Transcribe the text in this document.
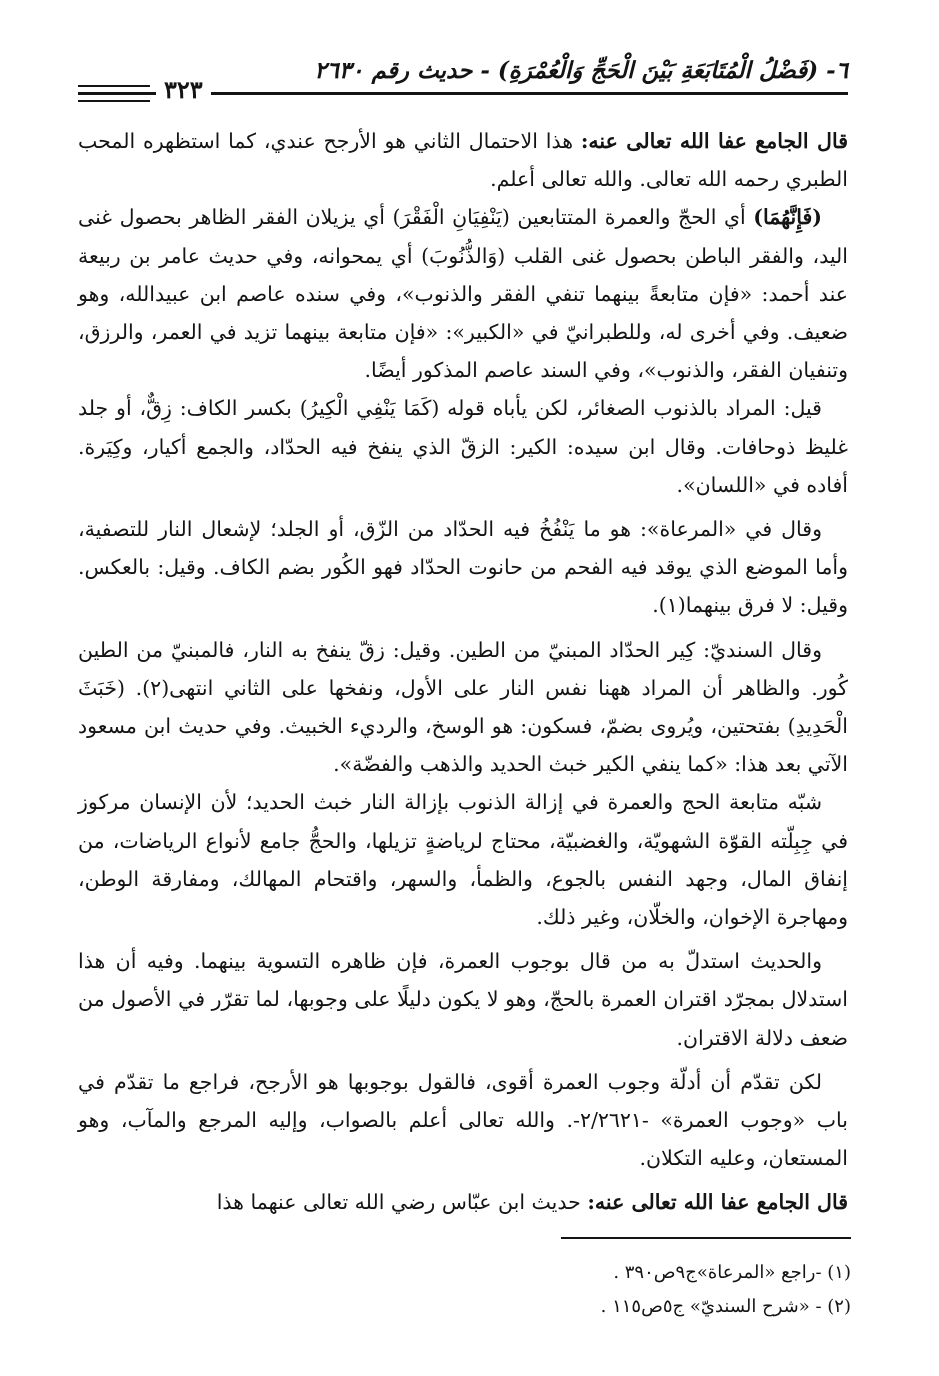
٦- (فَضْلُ الْمُتَابَعَةِ بَيْنَ الْحَجِّ وَالْعُمْرَةِ) - حديث رقم ٢٦٣٠
٣٢٣

قال الجامع عفا الله تعالى عنه: هذا الاحتمال الثاني هو الأرجح عندي، كما استظهره المحب الطبري رحمه الله تعالى. والله تعالى أعلم.

(فَإِنَّهُمَا) أي الحجّ والعمرة المتتابعين (يَنْفِيَانِ الْفَقْرَ) أي يزيلان الفقر الظاهر بحصول غنى اليد، والفقر الباطن بحصول غنى القلب (وَالذُّنُوبَ) أي يمحوانه، وفي حديث عامر بن ربيعة عند أحمد: «فإن متابعةً بينهما تنفي الفقر والذنوب»، وفي سنده عاصم ابن عبيدالله، وهو ضعيف. وفي أخرى له، وللطبرانيّ في «الكبير»: «فإن متابعة بينهما تزيد في العمر، والرزق، وتنفيان الفقر، والذنوب»، وفي السند عاصم المذكور أيضًا.

قيل: المراد بالذنوب الصغائر، لكن يأباه قوله (كَمَا يَنْفِي الْكِيرُ) بكسر الكاف: زِقٌّ، أو جلد غليظ ذوحافات. وقال ابن سيده: الكير: الزقّ الذي ينفخ فيه الحدّاد، والجمع أكيار، وكِيَرة. أفاده في «اللسان».

وقال في «المرعاة»: هو ما يَنْفُخُ فيه الحدّاد من الزّق، أو الجلد؛ لإشعال النار للتصفية، وأما الموضع الذي يوقد فيه الفحم من حانوت الحدّاد فهو الكُور بضم الكاف. وقيل: بالعكس. وقيل: لا فرق بينهما(١).

وقال السنديّ: كِير الحدّاد المبنيّ من الطين. وقيل: زقّ ينفخ به النار، فالمبنيّ من الطين كُور. والظاهر أن المراد ههنا نفس النار على الأول، ونفخها على الثاني انتهى(٢). (خَبَثَ الْحَدِيدِ) بفتحتين، ويُروى بضمّ، فسكون: هو الوسخ، والرديء الخبيث. وفي حديث ابن مسعود الآتي بعد هذا: «كما ينفي الكير خبث الحديد والذهب والفضّة».

شبّه متابعة الحج والعمرة في إزالة الذنوب بإزالة النار خبث الحديد؛ لأن الإنسان مركوز في جِبِلّته القوّة الشهويّة، والغضبيّة، محتاج لرياضةٍ تزيلها، والحجُّ جامع لأنواع الرياضات، من إنفاق المال، وجهد النفس بالجوع، والظمأ، والسهر، واقتحام المهالك، ومفارقة الوطن، ومهاجرة الإخوان، والخلّان، وغير ذلك.

والحديث استدلّ به من قال بوجوب العمرة، فإن ظاهره التسوية بينهما. وفيه أن هذا استدلال بمجرّد اقتران العمرة بالحجّ، وهو لا يكون دليلًا على وجوبها، لما تقرّر في الأصول من ضعف دلالة الاقتران.

لكن تقدّم أن أدلّة وجوب العمرة أقوى، فالقول بوجوبها هو الأرجح، فراجع ما تقدّم في باب «وجوب العمرة» -٢/٢٦٢١-. والله تعالى أعلم بالصواب، وإليه المرجع والمآب، وهو المستعان، وعليه التكلان.

قال الجامع عفا الله تعالى عنه: حديث ابن عبّاس رضي الله تعالى عنهما هذا

(١) -راجع «المرعاة»ج٩ص٣٩٠ .
(٢) - «شرح السنديّ» ج٥ص١١٥ .
